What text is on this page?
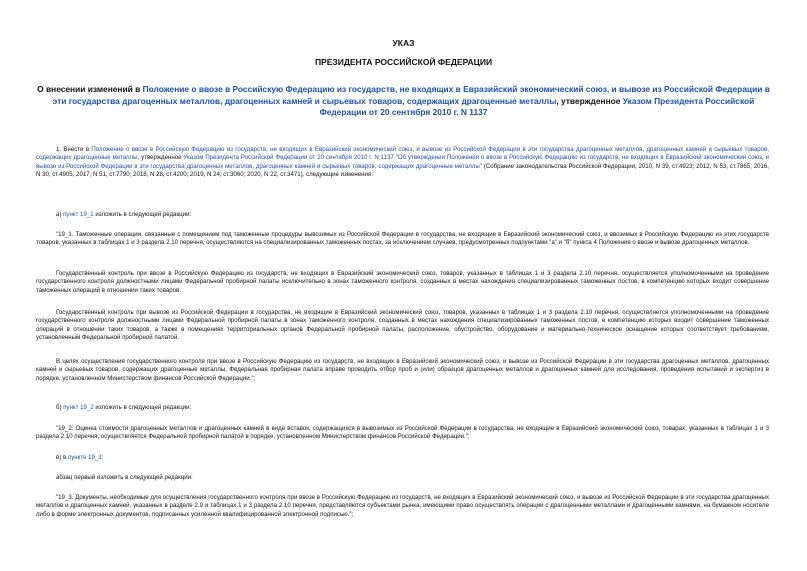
УКАЗ
ПРЕЗИДЕНТА РОССИЙСКОЙ ФЕДЕРАЦИИ
О внесении изменений в Положение о ввозе в Российскую Федерацию из государств, не входящих в Евразийский экономический союз, и вывозе из Российской Федерации в эти государства драгоценных металлов, драгоценных камней и сырьевых товаров, содержащих драгоценные металлы, утвержденное Указом Президента Российской Федерации от 20 сентября 2010 г. N 1137

1. Внести в Положение о ввозе в Российскую Федерацию из государств, не входящих в Евразийский экономический союз, и вывозе из Российской Федерации в эти государства драгоценных металлов, драгоценных камней и сырьевых товаров, содержащих драгоценные металлы, утвержденное Указом Президента Российской Федерации от 20 сентября 2010 г. N 1137 "Об утверждении Положения о ввозе в Российскую Федерацию из государств, не входящих в Евразийский экономический союз, и вывозе из Российской Федерации в эти государства драгоценных металлов, драгоценных камней и сырьевых товаров, содержащих драгоценные металлы" (Собрание законодательства Российской Федерации, 2010, N 39, ст.4923; 2012, N 53, ст.7865; 2016, N 30, ст.4905; 2017, N 51, ст.7790; 2018, N 28, ст.4200; 2019, N 24, ст.3060; 2020, N 22, ст.3471), следующие изменения:

а) пункт 19_1 изложить в следующей редакции:

"19_1. Таможенные операции, связанные с помещением под таможенные процедуры вывозимых из Российской Федерации в государства, не входящие в Евразийский экономический союз, и ввозимых в Российскую Федерацию из этих государств товаров, указанных в таблицах 1 и 3 раздела 2.10 перечня, осуществляются на специализированных таможенных постах, за исключением случаев, предусмотренных подпунктами "а" и "б" пункта 4 Положения о ввозе и вывозе драгоценных металлов.

Государственный контроль при ввозе в Российскую Федерацию из государств, не входящих в Евразийский экономический союз, товаров, указанных в таблицах 1 и 3 раздела 2.10 перечня, осуществляется уполномоченными на проведение государственного контроля должностными лицами Федеральной пробирной палаты исключительно в зонах таможенного контроля, созданных в местах нахождения специализированных таможенных постов, в компетенцию которых входит совершение таможенных операций в отношении таких товаров.

Государственный контроль при вывозе из Российской Федерации в государства, не входящие в Евразийский экономический союз, товаров, указанных в таблицах 1 и 3 раздела 2.10 перечня, осуществляется уполномоченными на проведение государственного контроля должностными лицами Федеральной пробирной палаты в зонах таможенного контроля, созданных в местах нахождения специализированных таможенных постов, в компетенцию которых входит совершение таможенных операций в отношении таких товаров, а также в помещениях территориальных органов Федеральной пробирной палаты, расположение, обустройство, оборудование и материально-техническое оснащение которых соответствует требованиям, установленным Федеральной пробирной палатой.

В целях осуществления государственного контроля при ввозе в Российскую Федерацию из государств, не входящих в Евразийский экономический союз, и вывозе из Российской Федерации в эти государства драгоценных металлов, драгоценных камней и сырьевых товаров, содержащих драгоценные металлы, Федеральная пробирная палата вправе проводить отбор проб и (или) образцов драгоценных металлов и драгоценных камней для исследования, проведения испытаний и экспертиз в порядке, установленном Министерством финансов Российской Федерации.";

б) пункт 19_2 изложить в следующей редакции:

"19_2. Оценка стоимости драгоценных металлов и драгоценных камней в виде вставок, содержащихся в вывозимых из Российской Федерации в государства, не входящие в Евразийский экономический союз, товарах, указанных в таблицах 1 и 3 раздела 2.10 перечня, осуществляется Федеральной пробирной палатой в порядке, установленном Министерством финансов Российской Федерации.";

в) в пункте 19_3:

абзац первый изложить в следующей редакции:

"19_3. Документы, необходимые для осуществления государственного контроля при ввозе в Российскую Федерацию из государств, не входящих в Евразийский экономический союз, и вывозе из Российской Федерации в эти государства драгоценных металлов и драгоценных камней, указанных в разделе 2.9 и таблицах 1 и 3 раздела 2.10 перечня, представляются субъектами рынка, имеющими право осуществлять операции с драгоценными металлами и драгоценными камнями, на бумажном носителе либо в форме электронных документов, подписанных усиленной квалифицированной электронной подписью.";
